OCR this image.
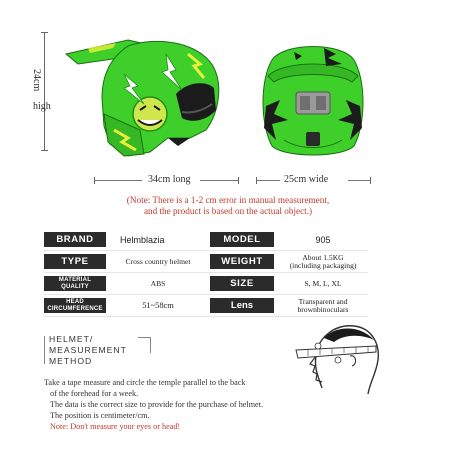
24cm
high
34cm long	25cm wide
(Note: There is a 1-2 cm error in manual measurement,
and the product is based on the actual object.)
BRAND	Helmblazia	MODEL	905
TYPE	Cross country helmet	WEIGHT	About 1.5KG
(including packaging)
MATERIAL
QUALITY	ABS	SIZE	S, M, L, XL
HEAD
CIRCUMFERENCE	51~58cm	Lens	Transparent and
brownbinoculars
HELMET/
MEASUREMENT
METHOD
Take a tape measure and circle the temple parallel to the back
of the forehead for a week.
The data is the correct size to provide for the purchase of helmet.
The position is centimeter/cm.
Note: Don't measure your eyes or head!
